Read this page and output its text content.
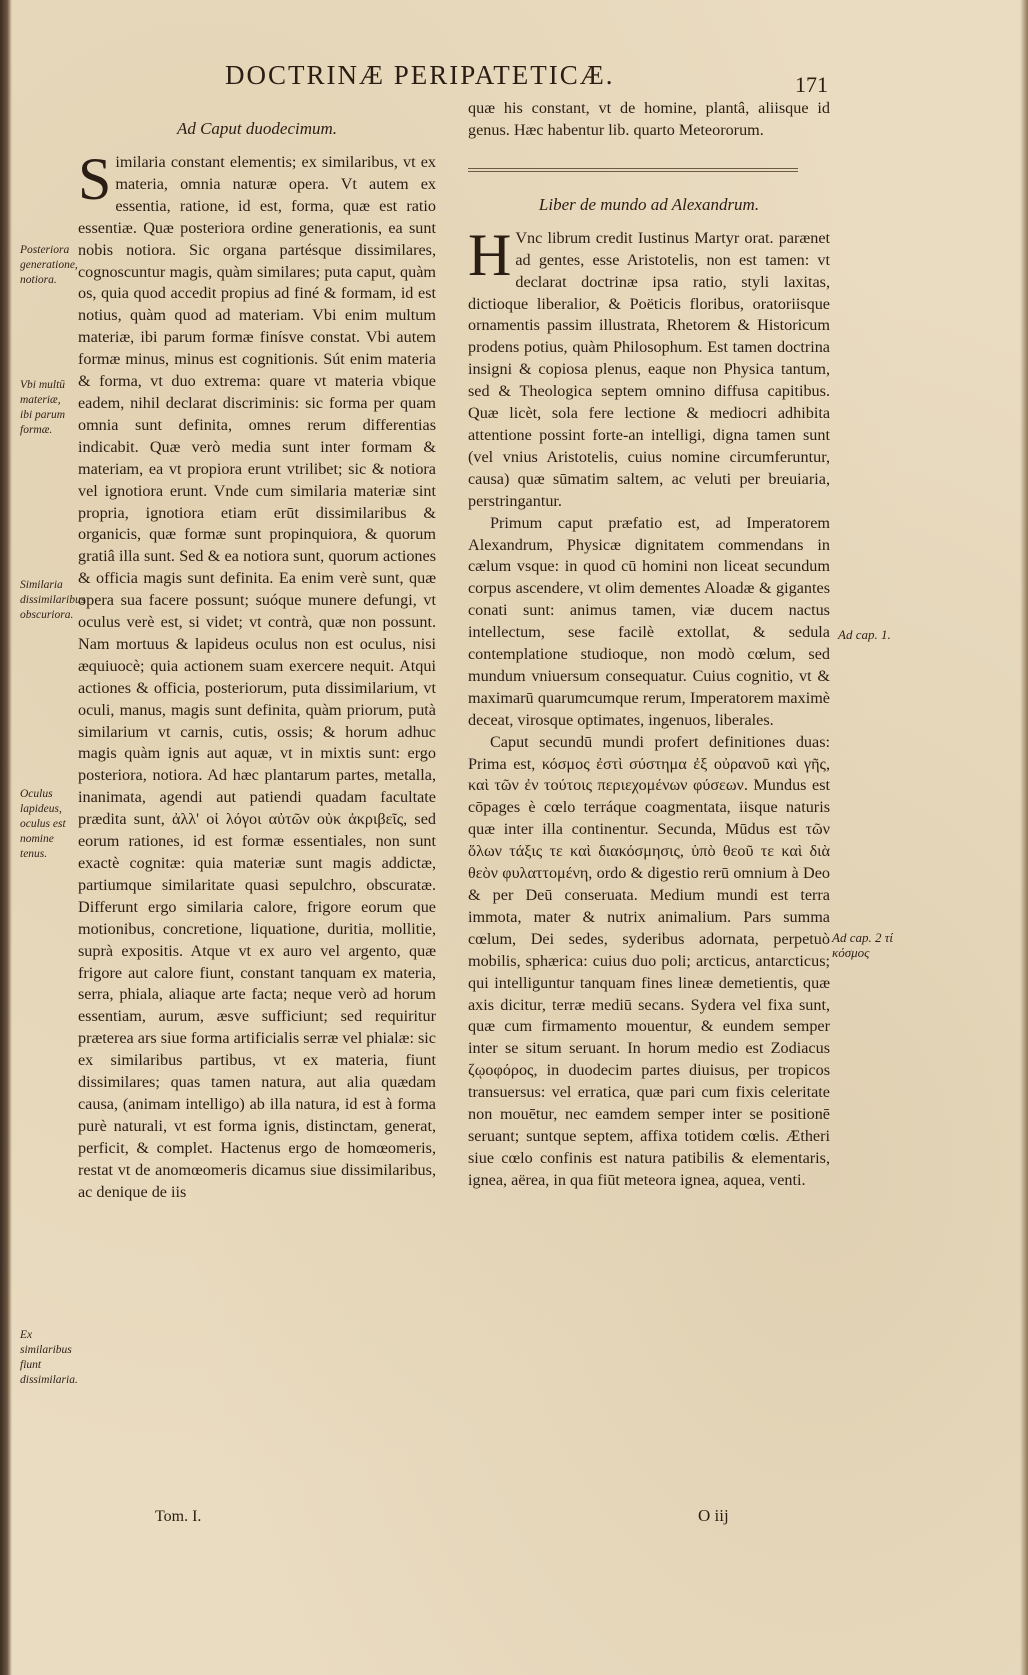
DOCTRINÆ PERIPATETICÆ.	171
Ad Caput duodecimum.

Similaria constant elementis; ex similaribus, vt ex materia, omnia naturæ opera. Vt autem ex essentia, ratione, id est, forma, quæ est ratio essentiæ. Quæ posteriora ordine generationis, ea sunt nobis notiora. Sic organa partésque dissimilares, cognoscuntur magis, quàm similares; puta caput, quàm os, quia quod accedit propius ad finé & formam, id est notius, quàm quod ad materiam. Vbi enim multum materiæ, ibi parum formæ finísve constat. Vbi autem formæ minus, minus est cognitionis. Sút enim materia & forma, vt duo extrema: quare vt materia vbique eadem, nihil declarat discriminis: sic forma per quam omnia sunt definita, omnes rerum differentias indicabit. Quæ verò media sunt inter formam & materiam, ea vt propiora erunt vtrilibet; sic & notiora vel ignotiora erunt. Vnde cum similaria materiæ sint propria, ignotiora etiam erūt dissimilaribus & organicis, quæ formæ sunt propinquiora, & quorum gratiâ illa sunt. Sed & ea notiora sunt, quorum actiones & officia magis sunt definita. Ea enim verè sunt, quæ opera sua facere possunt; suóque munere defungi, vt oculus verè est, si videt; vt contrà, quæ non possunt. Nam mortuus & lapideus oculus non est oculus, nisi æquiuocè; quia actionem suam exercere nequit. Atqui actiones & officia, posteriorum, puta dissimilarium, vt oculi, manus, magis sunt definita, quàm priorum, putà similarium vt carnis, cutis, ossis; & horum adhuc magis quàm ignis aut aquæ, vt in mixtis sunt: ergo posteriora, notiora. Ad hæc plantarum partes, metalla, inanimata, agendi aut patiendi quadam facultate prædita sunt, ἀλλ' οἱ λόγοι αὐτῶν οὐκ ἀκριβεῖς, sed eorum rationes, id est formæ essentiales, non sunt exactè cognitæ: quia materiæ sunt magis addictæ, partiumque similaritate quasi sepulchro, obscuratæ. Differunt ergo similaria calore, frigore eorum que motionibus, concretione, liquatione, duritia, mollitie, suprà expositis. Atque vt ex auro vel argento, quæ frigore aut calore fiunt, constant tanquam ex materia, serra, phiala, aliaque arte facta; neque verò ad horum essentiam, aurum, æsve sufficiunt; sed requiritur præterea ars siue forma artificialis serræ vel phialæ: sic ex similaribus partibus, vt ex materia, fiunt dissimilares; quas tamen natura, aut alia quædam causa, (animam intelligo) ab illa natura, id est à forma purè naturali, vt est forma ignis, distinctam, generat, perficit, & complet. Hactenus ergo de homœomeris, restat vt de anomœomeris dicamus siue dissimilaribus, ac denique de iis

quæ his constant, vt de homine, plantâ, aliisque id genus. Hæc habentur lib. quarto Meteororum.

Liber de mundo ad Alexandrum.

H Vnc librum credit Iustinus Martyr orat. parænet ad gentes, esse Aristotelis, non est tamen: vt declarat doctrinæ ipsa ratio, styli laxitas, dictioque liberalior, & Poëticis floribus, oratoriisque ornamentis passim illustrata, Rhetorem & Historicum prodens potius, quàm Philosophum. Est tamen doctrina insigni & copiosa plenus, eaque non Physica tantum, sed & Theologica septem omnino diffusa capitibus. Quæ licèt, sola fere lectione & mediocri adhibita attentione possint forte-an intelligi, digna tamen sunt (vel vnius Aristotelis, cuius nomine circumferuntur, causa) quæ sūmatim saltem, ac veluti per breuiaria, perstringantur.

Primum caput præfatio est, ad Imperatorem Alexandrum, Physicæ dignitatem commendans in cælum vsque: in quod cū homini non liceat secundum corpus ascendere, vt olim dementes Aloadæ & gigantes conati sunt: animus tamen, viæ ducem nactus intellectum, sese facilè extollat, & sedula contemplatione studioque, non modò cœlum, sed mundum vniuersum consequatur. Cuius cognitio, vt & maximarū quarumcumque rerum, Imperatorem maximè deceat, virosque optimates, ingenuos, liberales.

Caput secundū mundi profert definitiones duas: Prima est, κόσμος ἐστὶ σύστημα ἐξ οὐρανοῦ καὶ γῆς, καὶ τῶν ἐν τούτοις περιεχομένων φύσεων. Mundus est cōpages è cœlo terráque coagmentata, iisque naturis quæ inter illa continentur. Secunda, Mūdus est τῶν ὅλων τάξις τε καὶ διακόσμησις, ὑπὸ θεοῦ τε καὶ διὰ θεὸν φυλαττομένη, ordo & digestio rerū omnium à Deo & per Deū conseruata. Medium mundi est terra immota, mater & nutrix animalium. Pars summa cœlum, Dei sedes, syderibus adornata, perpetuò mobilis, sphærica: cuius duo poli; arcticus, antarcticus; qui intelliguntur tanquam fines lineæ demetientis, quæ axis dicitur, terræ mediū secans. Sydera vel fixa sunt, quæ cum firmamento mouentur, & eundem semper inter se situm seruant. In horum medio est Zodiacus ζῳοφόρος, in duodecim partes diuisus, per tropicos transuersus: vel erratica, quæ pari cum fixis celeritate non mouētur, nec eamdem semper inter se positionē seruant; suntque septem, affixa totidem cœlis. Ætheri siue cœlo confinis est natura patibilis & elementaris, ignea, aërea, in qua fiūt meteora ignea, aquea, venti.

Posteriora generatione, notiora.
Vbi multū materiæ, ibi parum formæ.
Similaria dissimilaribus obscuriora.
Oculus lapideus, oculus est nomine tenus.
Ex similaribus fiunt dissimilaria.
Ad cap. 1.
Ad cap. 2 τί κόσμος
Tom. I.	O iij
